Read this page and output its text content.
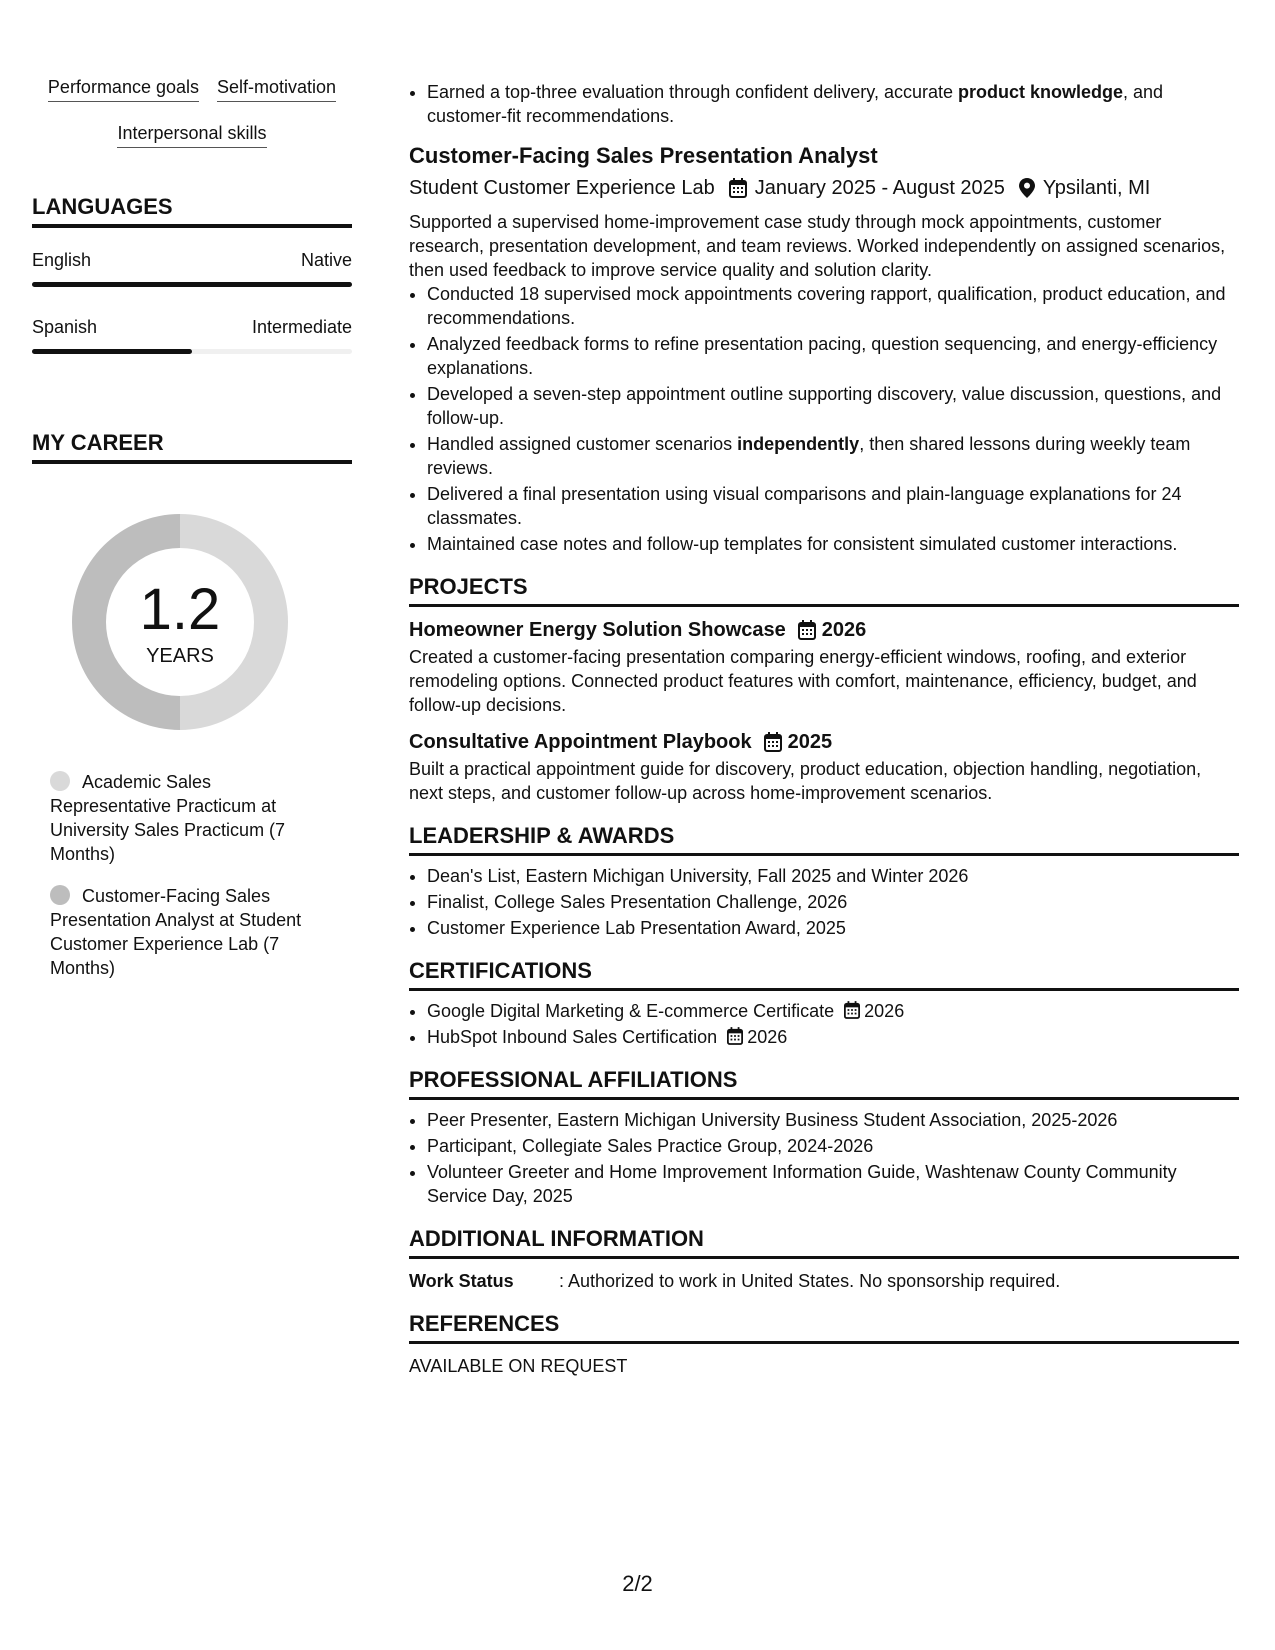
Performance goals Self-motivation
Interpersonal skills
LANGUAGES
English	Native
Spanish	Intermediate
MY CAREER
1.2
YEARS
Academic Sales Representative Practicum at University Sales Practicum (7 Months)
Customer-Facing Sales Presentation Analyst at Student Customer Experience Lab (7 Months)
• Earned a top-three evaluation through confident delivery, accurate product knowledge, and customer-fit recommendations.
Customer-Facing Sales Presentation Analyst
Student Customer Experience Lab January 2025 - August 2025 Ypsilanti, MI
Supported a supervised home-improvement case study through mock appointments, customer research, presentation development, and team reviews. Worked independently on assigned scenarios, then used feedback to improve service quality and solution clarity.
• Conducted 18 supervised mock appointments covering rapport, qualification, product education, and recommendations.
• Analyzed feedback forms to refine presentation pacing, question sequencing, and energy-efficiency explanations.
• Developed a seven-step appointment outline supporting discovery, value discussion, questions, and follow-up.
• Handled assigned customer scenarios independently, then shared lessons during weekly team reviews.
• Delivered a final presentation using visual comparisons and plain-language explanations for 24 classmates.
• Maintained case notes and follow-up templates for consistent simulated customer interactions.
PROJECTS
Homeowner Energy Solution Showcase 2026
Created a customer-facing presentation comparing energy-efficient windows, roofing, and exterior remodeling options. Connected product features with comfort, maintenance, efficiency, budget, and follow-up decisions.
Consultative Appointment Playbook 2025
Built a practical appointment guide for discovery, product education, objection handling, negotiation, next steps, and customer follow-up across home-improvement scenarios.
LEADERSHIP & AWARDS
• Dean's List, Eastern Michigan University, Fall 2025 and Winter 2026
• Finalist, College Sales Presentation Challenge, 2026
• Customer Experience Lab Presentation Award, 2025
CERTIFICATIONS
• Google Digital Marketing & E-commerce Certificate 2026
• HubSpot Inbound Sales Certification 2026
PROFESSIONAL AFFILIATIONS
• Peer Presenter, Eastern Michigan University Business Student Association, 2025-2026
• Participant, Collegiate Sales Practice Group, 2024-2026
• Volunteer Greeter and Home Improvement Information Guide, Washtenaw County Community Service Day, 2025
ADDITIONAL INFORMATION
Work Status	: Authorized to work in United States. No sponsorship required.
REFERENCES
AVAILABLE ON REQUEST
2/2
